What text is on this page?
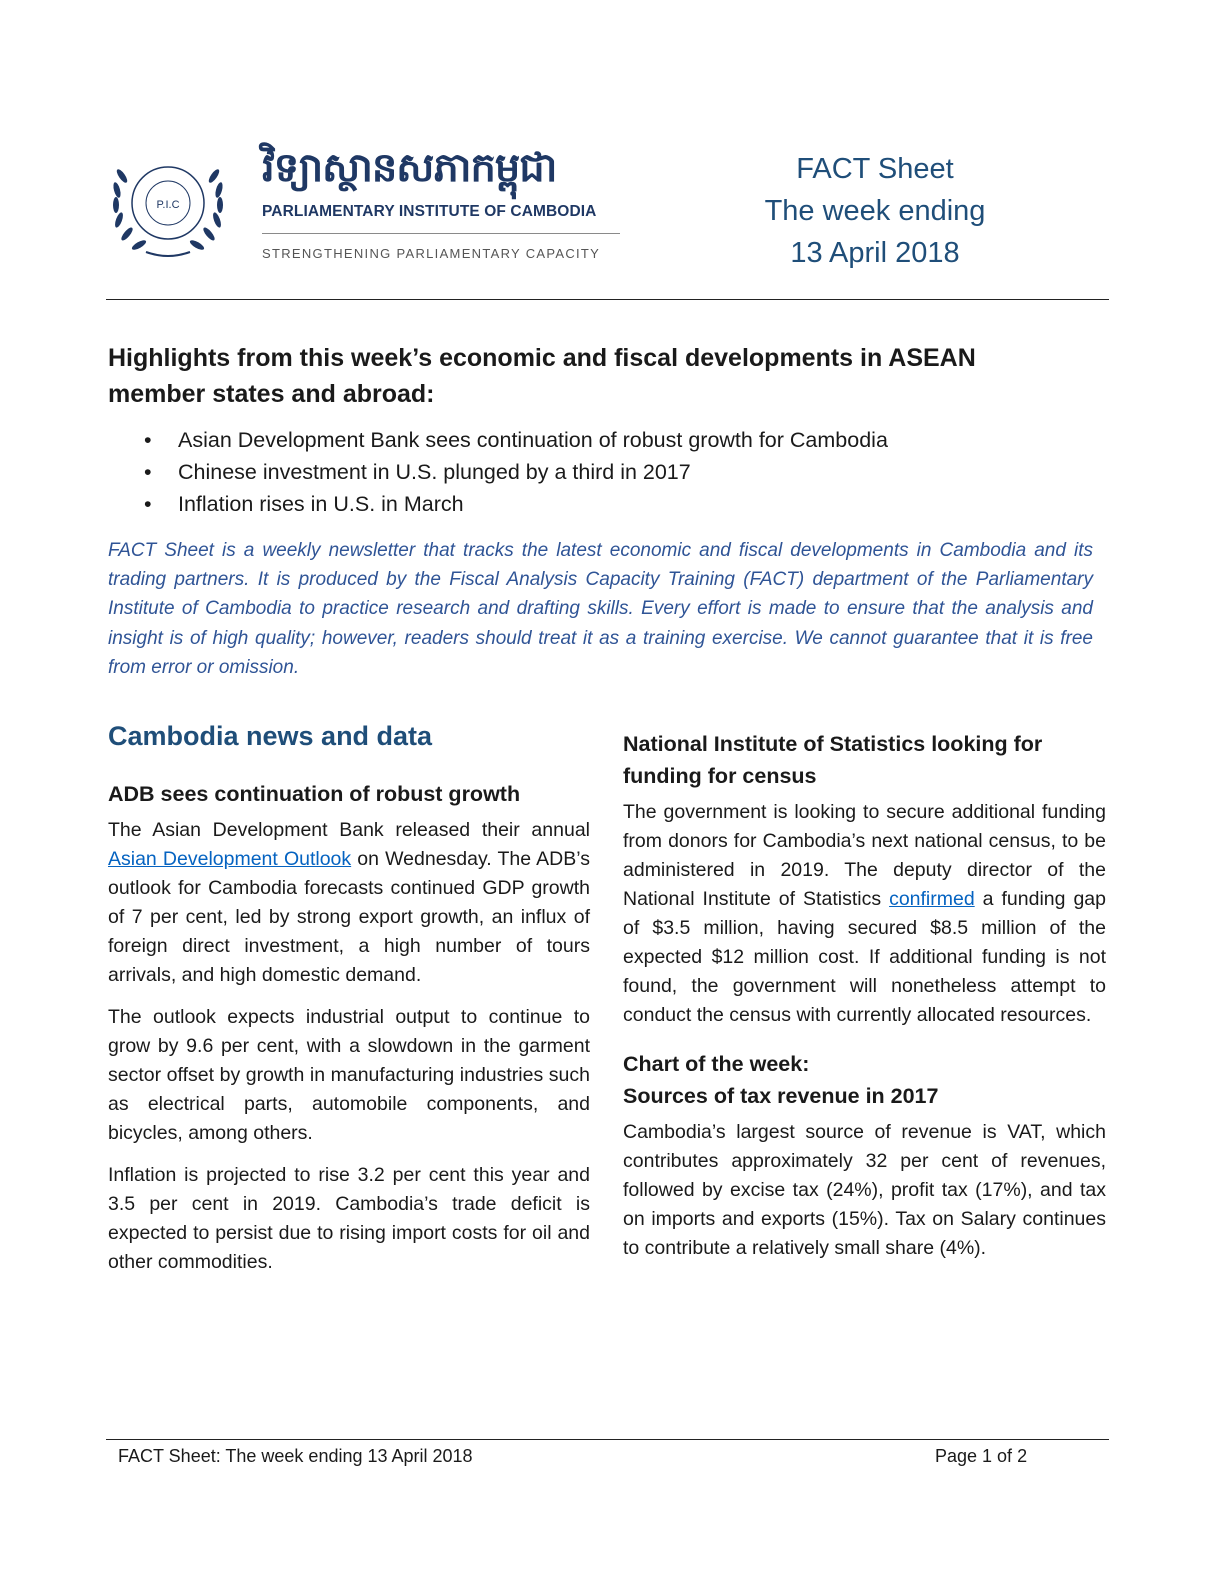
P.I.C
វិទ្យាស្ថានសភាកម្ពុជា
PARLIAMENTARY INSTITUTE OF CAMBODIA
STRENGTHENING PARLIAMENTARY CAPACITY
FACT Sheet
The week ending
13 April 2018
Highlights from this week’s economic and fiscal developments in ASEAN member states and abroad:
• Asian Development Bank sees continuation of robust growth for Cambodia
• Chinese investment in U.S. plunged by a third in 2017
• Inflation rises in U.S. in March

FACT Sheet is a weekly newsletter that tracks the latest economic and fiscal developments in Cambodia and its trading partners. It is produced by the Fiscal Analysis Capacity Training (FACT) department of the Parliamentary Institute of Cambodia to practice research and drafting skills. Every effort is made to ensure that the analysis and insight is of high quality; however, readers should treat it as a training exercise. We cannot guarantee that it is free from error or omission.

Cambodia news and data
ADB sees continuation of robust growth

The Asian Development Bank released their annual Asian Development Outlook on Wednesday. The ADB’s outlook for Cambodia forecasts continued GDP growth of 7 per cent, led by strong export growth, an influx of foreign direct investment, a high number of tours arrivals, and high domestic demand.

The outlook expects industrial output to continue to grow by 9.6 per cent, with a slowdown in the garment sector offset by growth in manufacturing industries such as electrical parts, automobile components, and bicycles, among others.

Inflation is projected to rise 3.2 per cent this year and 3.5 per cent in 2019. Cambodia’s trade deficit is expected to persist due to rising import costs for oil and other commodities.

National Institute of Statistics looking for funding for census

The government is looking to secure additional funding from donors for Cambodia’s next national census, to be administered in 2019. The deputy director of the National Institute of Statistics confirmed a funding gap of $3.5 million, having secured $8.5 million of the expected $12 million cost. If additional funding is not found, the government will nonetheless attempt to conduct the census with currently allocated resources.

Chart of the week:
Sources of tax revenue in 2017

Cambodia’s largest source of revenue is VAT, which contributes approximately 32 per cent of revenues, followed by excise tax (24%), profit tax (17%), and tax on imports and exports (15%). Tax on Salary continues to contribute a relatively small share (4%).

FACT Sheet: The week ending 13 April 2018	Page 1 of 2
